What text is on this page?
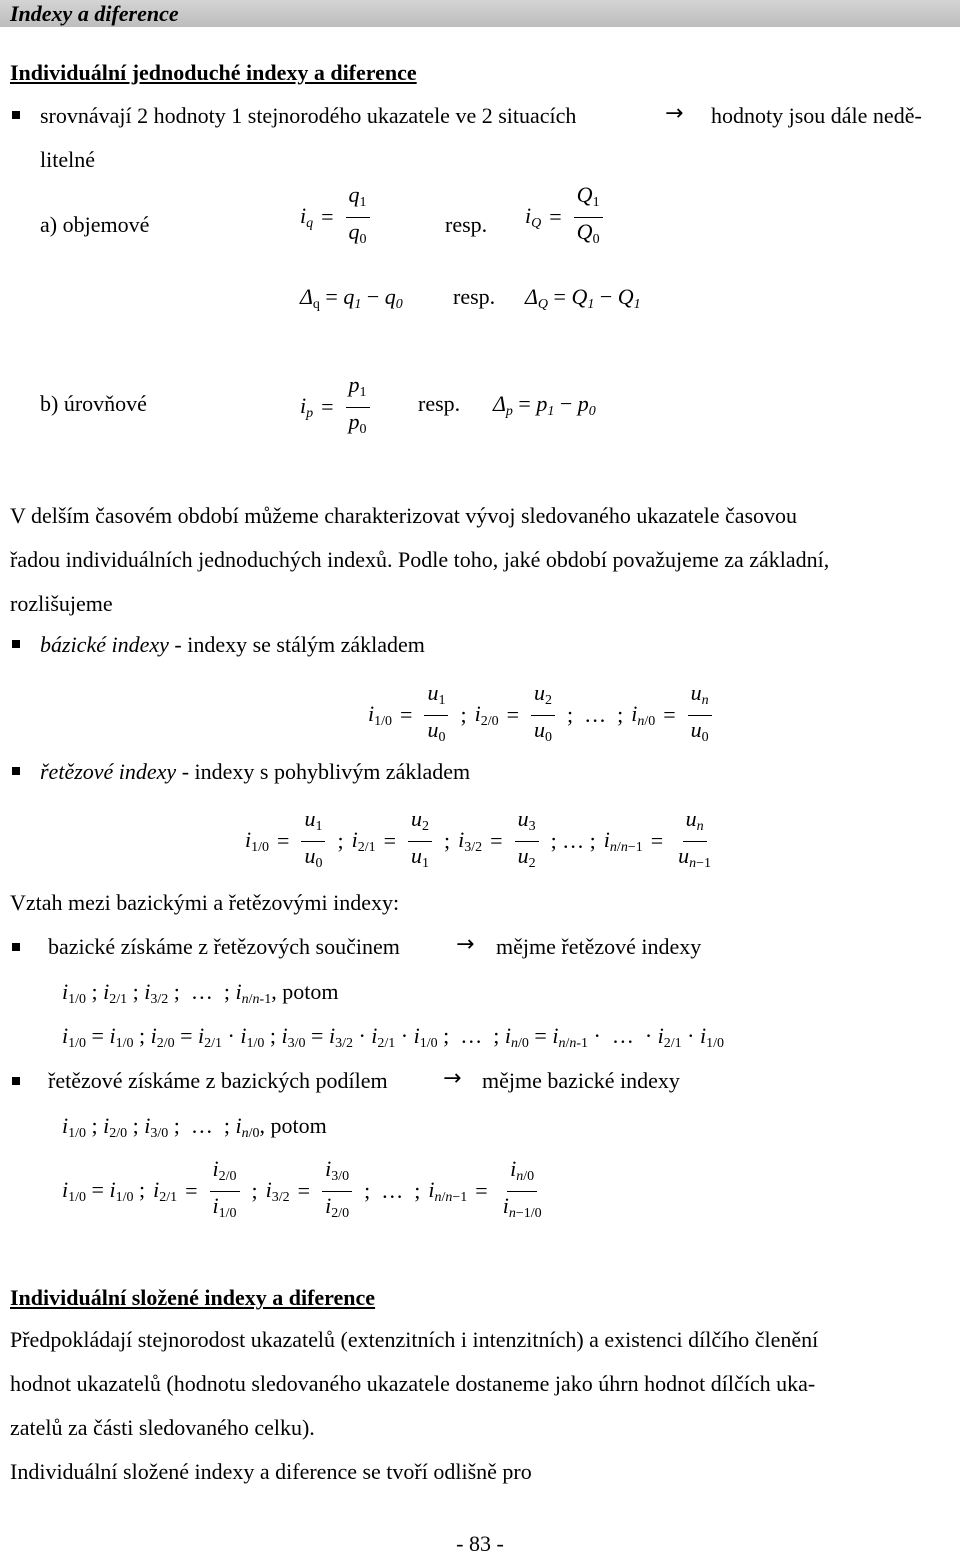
Indexy a diference
Individuální jednoduché indexy a diference
srovnávají 2 hodnoty 1 stejnorodého ukazatele ve 2 situacích	→ hodnoty jsou dále nedě-
litelné
a) objemové	$i_q = \frac{q_1}{q_0}$	resp. $i_Q = \frac{Q_1}{Q_0}$
$\Delta_q = q_1 - q_0$ resp. $\Delta_Q = Q_1 - Q_1$
b) úrovňové	$i_p = \frac{p_1}{p_0}$ resp. $\Delta_p = p_1 - p_0$
V delším časovém období můžeme charakterizovat vývoj sledovaného ukazatele časovou
řadou individuálních jednoduchých indexů. Podle toho, jaké období považujeme za základní,
rozlišujeme
bázické indexy - indexy se stálým základem
$i_{1/0} = \frac{u_1}{u_0}$ ; $i_{2/0} = \frac{u_2}{u_0}$ ;  …  ; $i_{n/0} = \frac{u_n}{u_0}$
řetězové indexy - indexy s pohyblivým základem
$i_{1/0} = \frac{u_1}{u_0}$ ; $i_{2/1} = \frac{u_2}{u_1}$ ; $i_{3/2} = \frac{u_3}{u_2}$ ; … ; $i_{n/n-1} = \frac{u_n}{u_{n-1}}$
Vztah mezi bazickými a řetězovými indexy:
bazické získáme z řetězových součinem	→ mějme řetězové indexy
$i_{1/0}$ ; $i_{2/1}$ ; $i_{3/2}$ ;  …  ; $i_{n/n-1}$, potom
$i_{1/0} = i_{1/0}$ ; $i_{2/0} = i_{2/1} \cdot i_{1/0}$ ; $i_{3/0} = i_{3/2} \cdot i_{2/1} \cdot i_{1/0}$ ;  …  ; $i_{n/0} = i_{n/n-1}$ ·  …  · $i_{2/1} \cdot i_{1/0}$
řetězové získáme z bazických podílem	→ mějme bazické indexy
$i_{1/0}$ ; $i_{2/0}$ ; $i_{3/0}$ ;  …  ; $i_{n/0}$, potom
$i_{1/0} = i_{1/0}$ ; $i_{2/1} = \frac{i_{2/0}}{i_{1/0}}$ ; $i_{3/2} = \frac{i_{3/0}}{i_{2/0}}$ ;  …  ; $i_{n/n-1} = \frac{i_{n/0}}{i_{n-1/0}}$
Individuální složené indexy a diference
Předpokládají stejnorodost ukazatelů (extenzitních i intenzitních) a existenci dílčího členění
hodnot ukazatelů (hodnotu sledovaného ukazatele dostaneme jako úhrn hodnot dílčích uka-
zatelů za části sledovaného celku).
Individuální složené indexy a diference se tvoří odlišně pro
- 83 -
